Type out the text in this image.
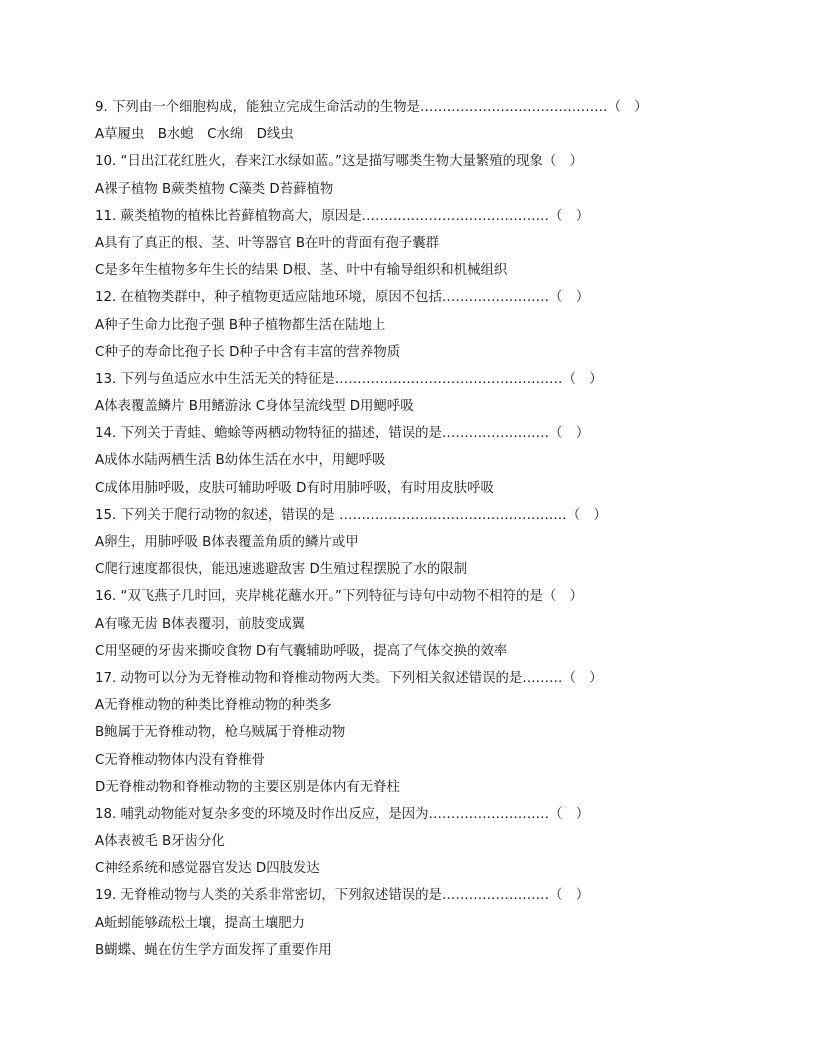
9. 下列由一个细胞构成，能独立完成生命活动的生物是……………………………………（　）
A草履虫　B水螅　C水绵　D线虫
10. “日出江花红胜火，春来江水绿如蓝。”这是描写哪类生物大量繁殖的现象（　）
A裸子植物 B蕨类植物 C藻类 D苔藓植物
11. 蕨类植物的植株比苔藓植物高大，原因是……………………………………（　）
A具有了真正的根、茎、叶等器官 B在叶的背面有孢子囊群
C是多年生植物多年生长的结果 D根、茎、叶中有输导组织和机械组织
12. 在植物类群中，种子植物更适应陆地环境，原因不包括……………………（　）
A种子生命力比孢子强 B种子植物都生活在陆地上
C种子的寿命比孢子长 D种子中含有丰富的营养物质
13. 下列与鱼适应水中生活无关的特征是……………………………………………（　）
A体表覆盖鳞片 B用鳍游泳 C身体呈流线型 D用鳃呼吸
14. 下列关于青蛙、蟾蜍等两栖动物特征的描述，错误的是……………………（　）
A成体水陆两栖生活 B幼体生活在水中，用鳃呼吸
C成体用肺呼吸，皮肤可辅助呼吸 D有时用肺呼吸，有时用皮肤呼吸
15. 下列关于爬行动物的叙述，错误的是 ……………………………………………（　）
A卵生，用肺呼吸 B体表覆盖角质的鳞片或甲
C爬行速度都很快，能迅速逃避敌害 D生殖过程摆脱了水的限制
16. “双飞燕子几时回，夹岸桃花蘸水开。”下列特征与诗句中动物不相符的是（　）
A有喙无齿 B体表覆羽，前肢变成翼
C用坚硬的牙齿来撕咬食物 D有气囊辅助呼吸，提高了气体交换的效率
17. 动物可以分为无脊椎动物和脊椎动物两大类。下列相关叙述错误的是………（　）
A无脊椎动物的种类比脊椎动物的种类多
B鲍属于无脊椎动物，枪乌贼属于脊椎动物
C无脊椎动物体内没有脊椎骨
D无脊椎动物和脊椎动物的主要区别是体内有无脊柱
18. 哺乳动物能对复杂多变的环境及时作出反应，是因为………………………（　）
A体表被毛 B牙齿分化
C神经系统和感觉器官发达 D四肢发达
19. 无脊椎动物与人类的关系非常密切，下列叙述错误的是……………………（　）
A蚯蚓能够疏松土壤，提高土壤肥力
B蝴蝶、蝇在仿生学方面发挥了重要作用
